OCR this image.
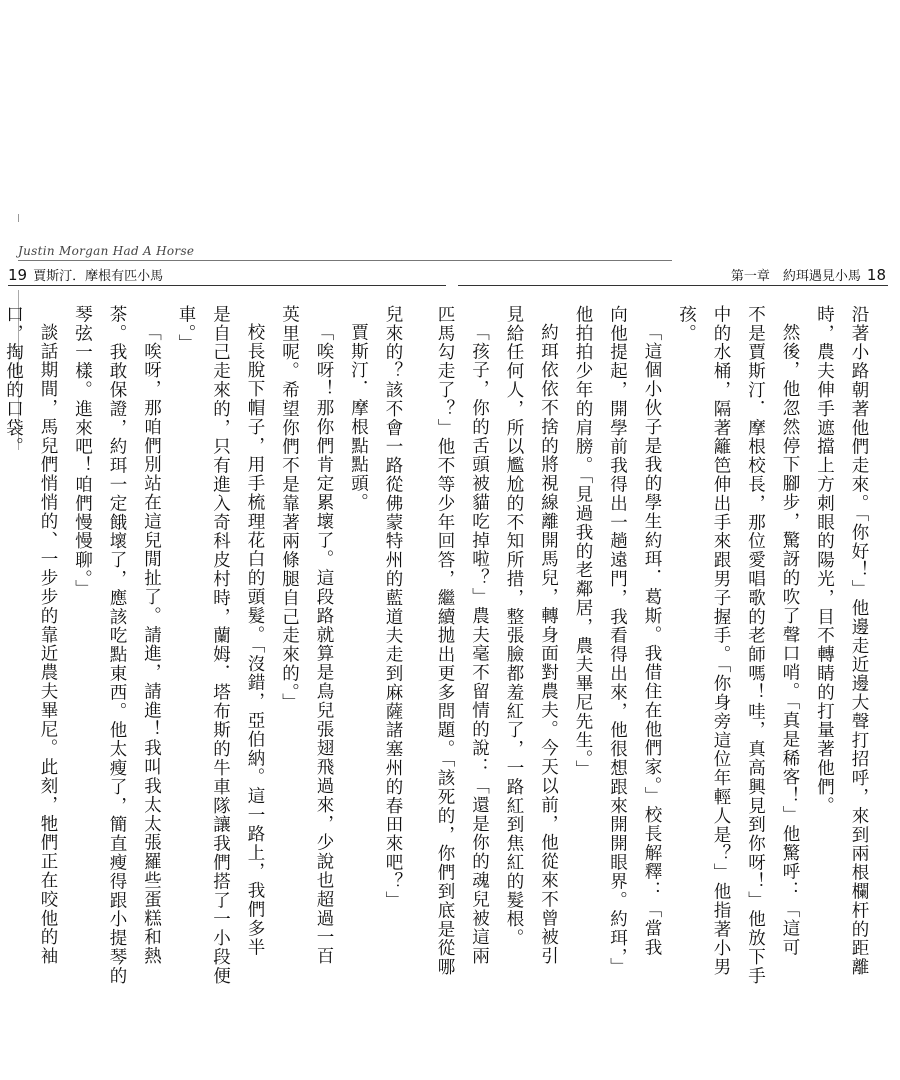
Justin Morgan Had A Horse
19 賈斯汀．摩根有匹小馬	第一章　約珥遇見小馬 18

兒來的？該不會一路從佛蒙特州的藍道夫走到麻薩諸塞州的春田來吧？」

賈斯汀．摩根點點頭。

「唉呀！那你們肯定累壞了。這段路就算是鳥兒張翅飛過來，少說也超過一百

英里呢。希望你們不是靠著兩條腿自己走來的。」

校長脫下帽子，用手梳理花白的頭髮。「沒錯，亞伯納。這一路上，我們多半

是自己走來的，只有進入奇科皮村時，蘭姆．塔布斯的牛車隊讓我們搭了一小段便

車。」

「唉呀，那咱們別站在這兒閒扯了。請進，請進！我叫我太太張羅些蛋糕和熱

茶。我敢保證，約珥一定餓壞了，應該吃點東西。他太瘦了，簡直瘦得跟小提琴的

琴弦一樣。進來吧！咱們慢慢聊。」

談話期間，馬兒們悄悄的、一步步的靠近農夫畢尼。此刻，牠們正在咬他的袖

口，掏他的口袋。	沿著小路朝著他們走來。「你好！」他邊走近邊大聲打招呼，來到兩根欄杆的距離

時，農夫伸手遮擋上方刺眼的陽光，目不轉睛的打量著他們。

然後，他忽然停下腳步，驚訝的吹了聲口哨。「真是稀客！」他驚呼：「這可

不是賈斯汀．摩根校長，那位愛唱歌的老師嗎！哇，真高興見到你呀！」他放下手

中的水桶，隔著籬笆伸出手來跟男子握手。「你身旁這位年輕人是？」他指著小男

孩。

「這個小伙子是我的學生約珥．葛斯。我借住在他們家。」校長解釋：「當我

向他提起，開學前我得出一趟遠門，我看得出來，他很想跟來開開眼界。約珥，」

他拍拍少年的肩膀。「見過我的老鄰居，農夫畢尼先生。」

約珥依依不捨的將視線離開馬兒，轉身面對農夫。今天以前，他從來不曾被引

見給任何人，所以尷尬的不知所措，整張臉都羞紅了，一路紅到焦紅的髮根。

「孩子，你的舌頭被貓吃掉啦？」農夫毫不留情的說：「還是你的魂兒被這兩

匹馬勾走了？」他不等少年回答，繼續拋出更多問題。「該死的，你們到底是從哪
